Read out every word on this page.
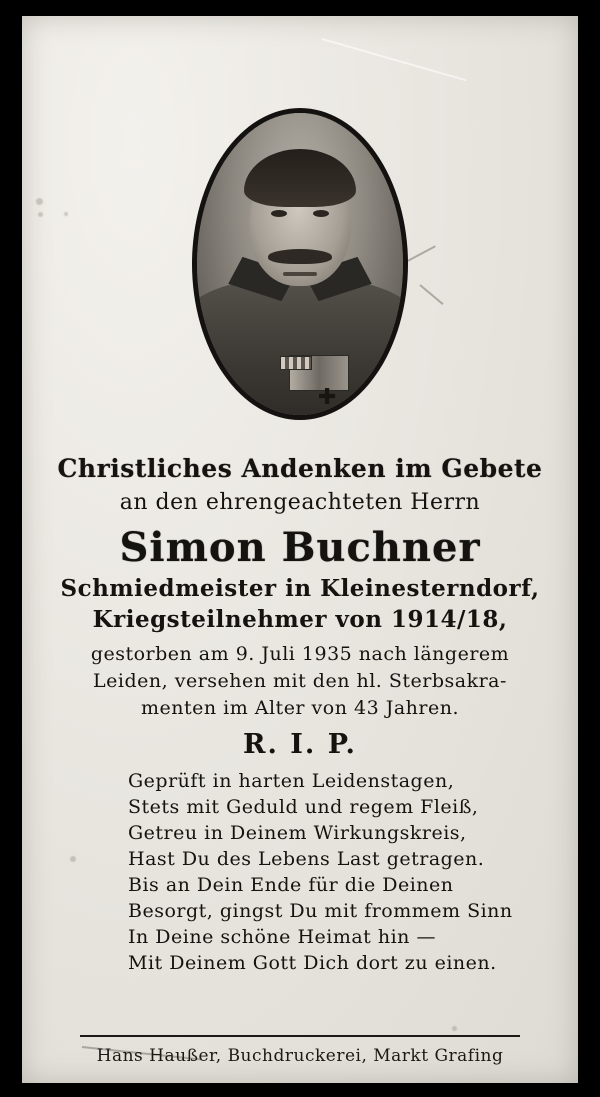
✚
Christliches Andenken im Gebete
an den ehrengeachteten Herrn
Simon Buchner
Schmiedmeister in Kleinesterndorf,
Kriegsteilnehmer von 1914/18,
gestorben am 9. Juli 1935 nach längerem
Leiden, versehen mit den hl. Sterbsakra-
menten im Alter von 43 Jahren.
R. I. P.
Geprüft in harten Leidenstagen,
Stets mit Geduld und regem Fleiß,
Getreu in Deinem Wirkungskreis,
Hast Du des Lebens Last getragen.
Bis an Dein Ende für die Deinen
Besorgt, gingst Du mit frommem Sinn
In Deine schöne Heimat hin —
Mit Deinem Gott Dich dort zu einen.
Hans Haußer, Buchdruckerei, Markt Grafing
